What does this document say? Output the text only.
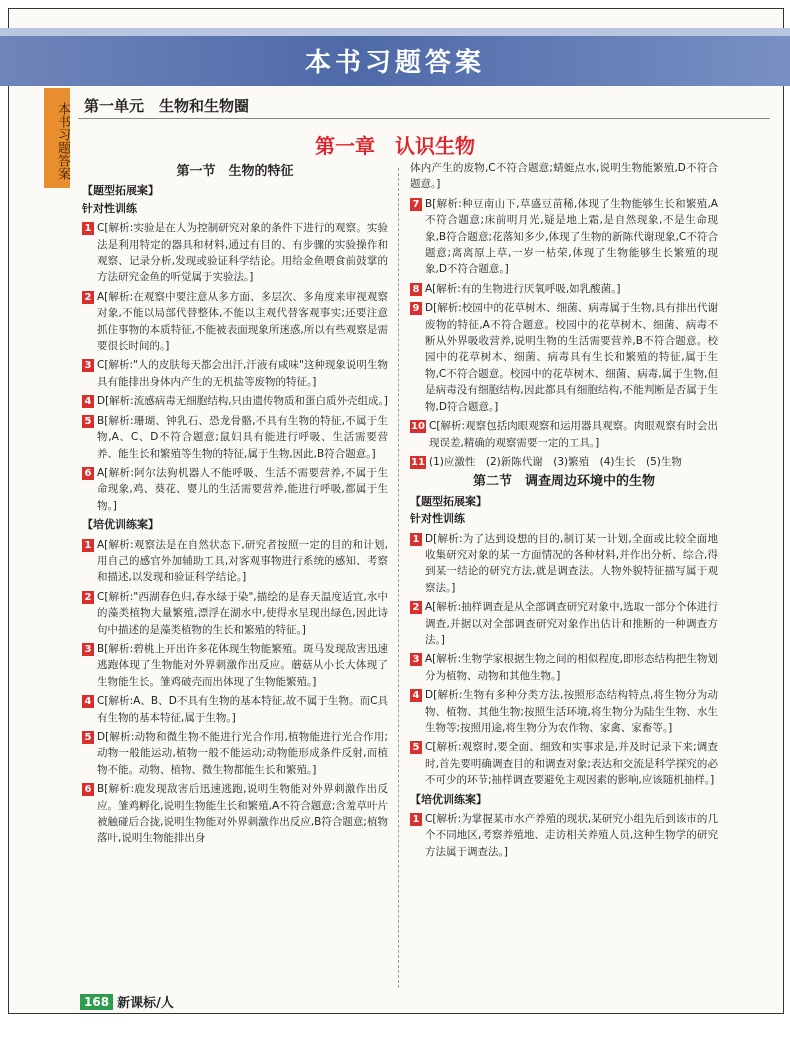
本书习题答案
本书习题答案 第一单元　生物和生物圈
第一章　认识生物
第一节　生物的特征
【题型拓展案】
针对性训练
1 C[解析:实验是在人为控制研究对象的条件下进行的观察。实验法是利用特定的器具和材料,通过有目的、有步骤的实验操作和观察、记录分析,发现或验证科学结论。用给金鱼喂食前鼓掌的方法研究金鱼的听觉属于实验法。]
2 A[解析:在观察中要注意从多方面、多层次、多角度来审视观察对象,不能以局部代替整体,不能以主观代替客观事实;还要注意抓住事物的本质特征,不能被表面现象所迷惑,所以有些观察是需要很长时间的。]
3 C[解析:"人的皮肤每天都会出汗,汗液有咸味"这种现象说明生物具有能排出身体内产生的无机盐等废物的特征。]
4 D[解析:流感病毒无细胞结构,只由遗传物质和蛋白质外壳组成。]
5 B[解析:珊瑚、钟乳石、恐龙骨骼,不具有生物的特征,不属于生物,A、C、D不符合题意;鼠妇具有能进行呼吸、生活需要营养、能生长和繁殖等生物的特征,属于生物,因此,B符合题意。]
6 A[解析:阿尔法狗机器人不能呼吸、生活不需要营养,不属于生命现象,鸡、葵花、婴儿的生活需要营养,能进行呼吸,都属于生物。]
【培优训练案】
1 A[解析:观察法是在自然状态下,研究者按照一定的目的和计划,用自己的感官外加辅助工具,对客观事物进行系统的感知、考察和描述,以发现和验证科学结论。]
2 C[解析:"西湖春色归,春水绿于染",描绘的是春天温度适宜,水中的藻类植物大量繁殖,漂浮在湖水中,使得水呈现出绿色,因此诗句中描述的是藻类植物的生长和繁殖的特征。]
3 B[解析:碧桃上开出许多花体现生物能繁殖。斑马发现敌害迅速逃跑体现了生物能对外界刺激作出反应。蘑菇从小长大体现了生物能生长。雏鸡破壳而出体现了生物能繁殖。]
4 C[解析:A、B、D不具有生物的基本特征,故不属于生物。而C具有生物的基本特征,属于生物。]
5 D[解析:动物和微生物不能进行光合作用,植物能进行光合作用;动物一般能运动,植物一般不能运动;动物能形成条件反射,而植物不能。动物、植物、微生物都能生长和繁殖。]
6 B[解析:鹿发现敌害后迅速逃跑,说明生物能对外界刺激作出反应。雏鸡孵化,说明生物能生长和繁殖,A不符合题意;含羞草叶片被触碰后合拢,说明生物能对外界刺激作出反应,B符合题意;植物落叶,说明生物能排出身
体内产生的废物,C不符合题意;蜻蜓点水,说明生物能繁殖,D不符合题意。]
7 B[解析:种豆南山下,草盛豆苗稀,体现了生物能够生长和繁殖,A不符合题意;床前明月光,疑是地上霜,是自然现象,不是生命现象,B符合题意;花落知多少,体现了生物的新陈代谢现象,C不符合题意;离离原上草,一岁一枯荣,体现了生物能够生长繁殖的现象,D不符合题意。]
8 A[解析:有的生物进行厌氧呼吸,如乳酸菌。]
9 D[解析:校园中的花草树木、细菌、病毒属于生物,具有排出代谢废物的特征,A不符合题意。校园中的花草树木、细菌、病毒不断从外界吸收营养,说明生物的生活需要营养,B不符合题意。校园中的花草树木、细菌、病毒具有生长和繁殖的特征,属于生物,C不符合题意。校园中的花草树木、细菌、病毒,属于生物,但是病毒没有细胞结构,因此都具有细胞结构,不能判断是否属于生物,D符合题意。]
10 C[解析:观察包括肉眼观察和运用器具观察。肉眼观察有时会出现误差,精确的观察需要一定的工具。]
11 (1)应激性　(2)新陈代谢　(3)繁殖　(4)生长　(5)生物
第二节　调查周边环境中的生物
【题型拓展案】
针对性训练
1 D[解析:为了达到设想的目的,制订某一计划,全面或比较全面地收集研究对象的某一方面情况的各种材料,并作出分析、综合,得到某一结论的研究方法,就是调查法。人物外貌特征描写属于观察法。]
2 A[解析:抽样调查是从全部调查研究对象中,选取一部分个体进行调查,并据以对全部调查研究对象作出估计和推断的一种调查方法。]
3 A[解析:生物学家根据生物之间的相似程度,即形态结构把生物划分为植物、动物和其他生物。]
4 D[解析:生物有多种分类方法,按照形态结构特点,将生物分为动物、植物、其他生物;按照生活环境,将生物分为陆生生物、水生生物等;按照用途,将生物分为农作物、家禽、家畜等。]
5 C[解析:观察时,要全面、细致和实事求是,并及时记录下来;调查时,首先要明确调查目的和调查对象;表达和交流是科学探究的必不可少的环节;抽样调查要避免主观因素的影响,应该随机抽样。]
【培优训练案】
1 C[解析:为掌握某市水产养殖的现状,某研究小组先后到该市的几个不同地区,考察养殖地、走访相关养殖人员,这种生物学的研究方法属于调查法。]
168 新课标/人
